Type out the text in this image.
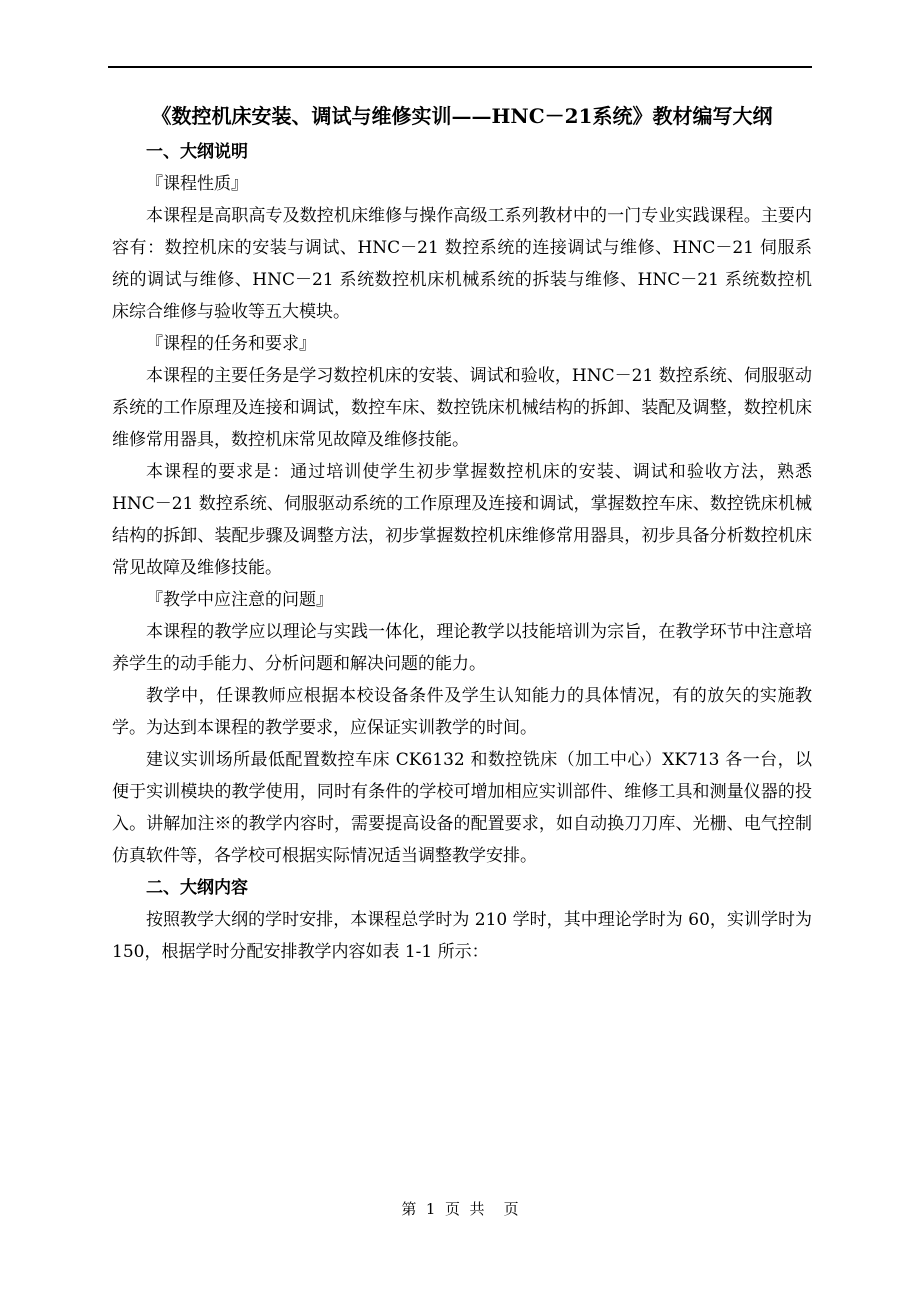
《数控机床安装、调试与维修实训——HNC－21系统》教材编写大纲
一、大纲说明
『课程性质』

本课程是高职高专及数控机床维修与操作高级工系列教材中的一门专业实践课程。主要内容有：数控机床的安装与调试、HNC－21 数控系统的连接调试与维修、HNC－21 伺服系统的调试与维修、HNC－21 系统数控机床机械系统的拆装与维修、HNC－21 系统数控机床综合维修与验收等五大模块。

『课程的任务和要求』

本课程的主要任务是学习数控机床的安装、调试和验收，HNC－21 数控系统、伺服驱动系统的工作原理及连接和调试，数控车床、数控铣床机械结构的拆卸、装配及调整，数控机床维修常用器具，数控机床常见故障及维修技能。

本课程的要求是：通过培训使学生初步掌握数控机床的安装、调试和验收方法，熟悉 HNC－21 数控系统、伺服驱动系统的工作原理及连接和调试，掌握数控车床、数控铣床机械结构的拆卸、装配步骤及调整方法，初步掌握数控机床维修常用器具，初步具备分析数控机床常见故障及维修技能。

『教学中应注意的问题』

本课程的教学应以理论与实践一体化，理论教学以技能培训为宗旨，在教学环节中注意培养学生的动手能力、分析问题和解决问题的能力。

教学中，任课教师应根据本校设备条件及学生认知能力的具体情况，有的放矢的实施教学。为达到本课程的教学要求，应保证实训教学的时间。

建议实训场所最低配置数控车床 CK6132 和数控铣床（加工中心）XK713 各一台，以便于实训模块的教学使用，同时有条件的学校可增加相应实训部件、维修工具和测量仪器的投入。讲解加注※的教学内容时，需要提高设备的配置要求，如自动换刀刀库、光栅、电气控制仿真软件等，各学校可根据实际情况适当调整教学安排。

二、大纲内容

按照教学大纲的学时安排，本课程总学时为 210 学时，其中理论学时为 60，实训学时为 150，根据学时分配安排教学内容如表 1-1 所示：

第  1  页  共    页
